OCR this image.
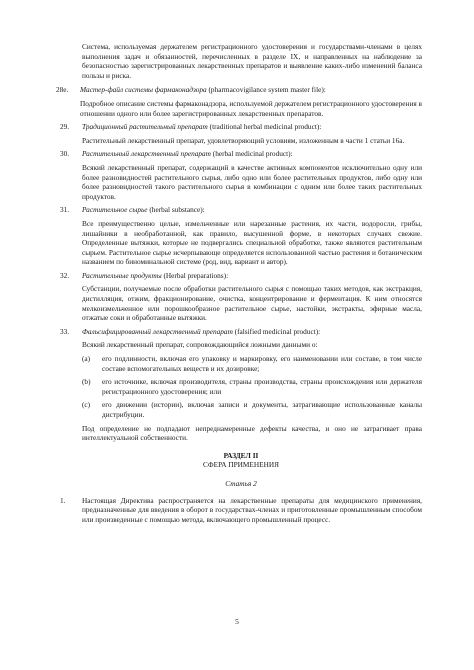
Система, используемая держателем регистрационного удостоверения и государствами-членами в целях выполнения задач и обязанностей, перечисленных в разделе IX, и направленных на наблюдение за безопасностью зарегистрированных лекарственных препаратов и выявление каких-либо изменений баланса пользы и риска.

28e.	Мастер-файл системы фармаконадзора (pharmacovigilance system master file):

Подробное описание системы фармаконадзора, используемой держателем регистрационного удостоверения в отношении одного или более зарегистрированных лекарственных препаратов.

29.	Традиционный растительный препарат (traditional herbal medicinal product):

Растительный лекарственный препарат, удовлетворяющий условиям, изложенным в части 1 статьи 16а.

30.	Растительный лекарственный препарат (herbal medicinal product):

Всякий лекарственный препарат, содержащий в качестве активных компонентов исключительно одну или более разновидностей растительного сырья, либо одно или более растительных продуктов, либо одну или более разновидностей такого растительного сырья в комбинации с одним или более таких растительных продуктов.

31.	Растительное сырье (herbal substance):

Все преимущественно целые, измельченные или нарезанные растения, их части, водоросли, грибы, лишайники в необработанной, как правило, высушенной форме, в некоторых случаях свежие. Определенные вытяжки, которые не подвергались специальной обработке, также являются растительным сырьем. Растительное сырье исчерпывающе определяется использованной частью растения и ботаническим названием по биноминальной системе (род, вид, вариант и автор).

32.	Растительные продукты (Herbal preparations):

Субстанции, получаемые после обработки растительного сырья с помощью таких методов, как экстракция, дистилляция, отжим, фракционирование, очистка, концентрирование и ферментация. К ним относятся мелкоизмельченное или порошкообразное растительное сырье, настойки, экстракты, эфирные масла, отжатые соки и обработанные вытяжки.

33.	Фальсифицированный лекарственный препарат (falsified medicinal product):

Всякий лекарственный препарат, сопровождающийся ложными данными о:

(a)	его подлинности, включая его упаковку и маркировку, его наименовании или составе, в том числе составе вспомогательных веществ и их дозировке;
(b)	его источнике, включая производителя, страны производства, страны происхождения или держателя регистрационного удостоверения; или
(c)	его движении (истории), включая записи и документы, затрагивающие использованные каналы дистрибуции.

Под определение не подпадают непреднамеренные дефекты качества, и оно не затрагивает права интеллектуальной собственности.

РАЗДЕЛ II
СФЕРА ПРИМЕНЕНИЯ
Статья 2
1.	Настоящая Директива распространяется на лекарственные препараты для медицинского применения, предназначенные для введения в оборот в государствах-членах и приготовленные промышленным способом или произведенные с помощью метода, включающего промышленный процесс.

5
